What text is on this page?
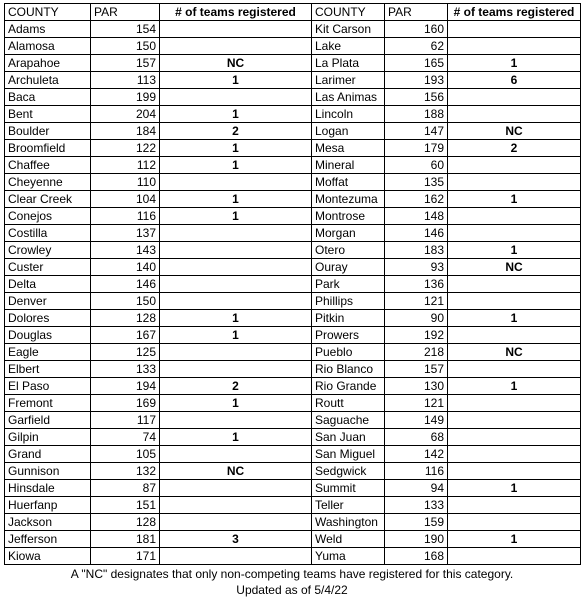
COUNTY	PAR	# of teams registered	COUNTY	PAR	# of teams registered
Adams	154		Kit Carson	160	
Alamosa	150		Lake	62	
Arapahoe	157	NC	La Plata	165	1
Archuleta	113	1	Larimer	193	6
Baca	199		Las Animas	156	
Bent	204	1	Lincoln	188	
Boulder	184	2	Logan	147	NC
Broomfield	122	1	Mesa	179	2
Chaffee	112	1	Mineral	60	
Cheyenne	110		Moffat	135	
Clear Creek	104	1	Montezuma	162	1
Conejos	116	1	Montrose	148	
Costilla	137		Morgan	146	
Crowley	143		Otero	183	1
Custer	140		Ouray	93	NC
Delta	146		Park	136	
Denver	150		Phillips	121	
Dolores	128	1	Pitkin	90	1
Douglas	167	1	Prowers	192	
Eagle	125		Pueblo	218	NC
Elbert	133		Rio Blanco	157	
El Paso	194	2	Rio Grande	130	1
Fremont	169	1	Routt	121	
Garfield	117		Saguache	149	
Gilpin	74	1	San Juan	68	
Grand	105		San Miguel	142	
Gunnison	132	NC	Sedgwick	116	
Hinsdale	87		Summit	94	1
Huerfanp	151		Teller	133	
Jackson	128		Washington	159	
Jefferson	181	3	Weld	190	1
Kiowa	171		Yuma	168	
A "NC" designates that only non-competing teams have registered for this category.
Updated as of 5/4/22
